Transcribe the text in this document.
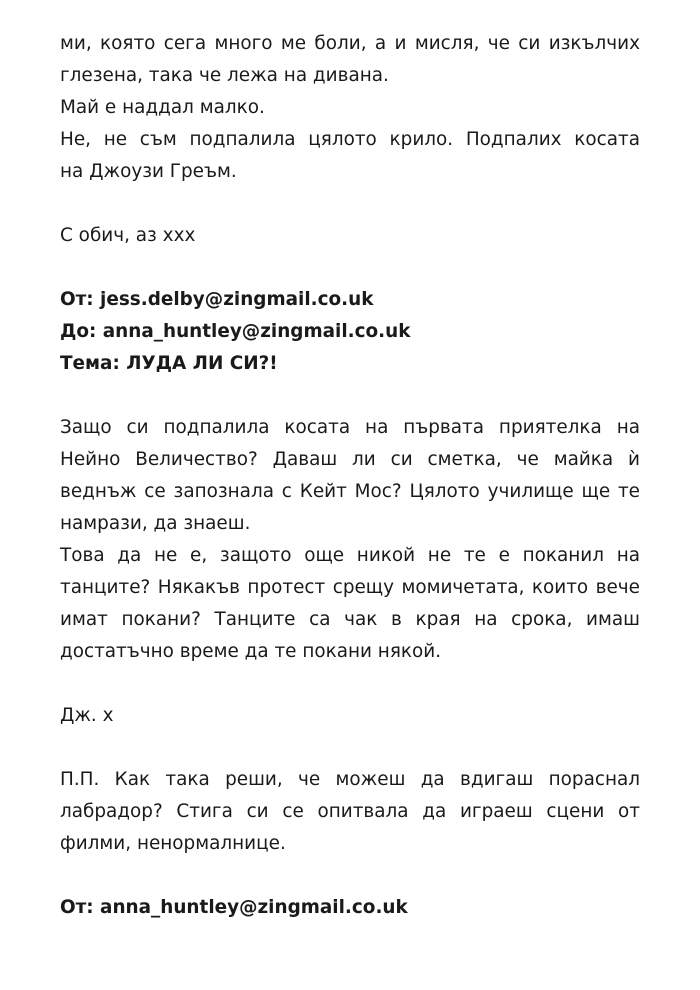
ми, която сега много ме боли, а и мисля, че си изкълчих

глезена, така че лежа на дивана.

Май е наддал малко.

Не, не съм подпалила цялото крило. Подпалих косата

на Джоузи Греъм.

С обич, аз ххх

От: jess.delby@zingmail.co.uk

До: anna_huntley@zingmail.co.uk

Тема: ЛУДА ЛИ СИ?!

Защо си подпалила косата на първата приятелка на

Нейно Величество? Даваш ли си сметка, че майка ѝ

веднъж се запознала с Кейт Мос? Цялото училище ще те

намрази, да знаеш.

Това да не е, защото още никой не те е поканил на

танците? Някакъв протест срещу момичетата, които вече

имат покани? Танците са чак в края на срока, имаш

достатъчно време да те покани някой.

Дж. х

П.П. Как така реши, че можеш да вдигаш пораснал

лабрадор? Стига си се опитвала да играеш сцени от

филми, ненормалнице.

От: anna_huntley@zingmail.co.uk
